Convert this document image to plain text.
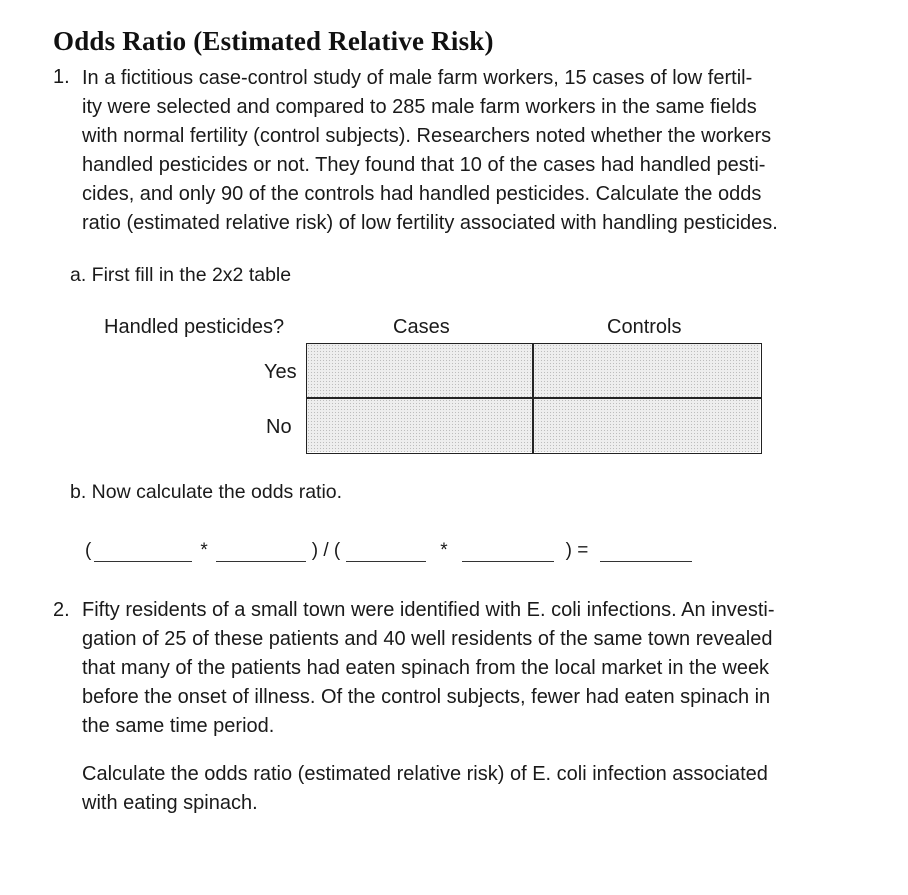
Odds Ratio (Estimated Relative Risk)
1. In a fictitious case-control study of male farm workers, 15 cases of low fertil-
ity were selected and compared to 285 male farm workers in the same fields
with normal fertility (control subjects). Researchers noted whether the workers
handled pesticides or not. They found that 10 of the cases had handled pesti-
cides, and only 90 of the controls had handled pesticides. Calculate the odds
ratio (estimated relative risk) of low fertility associated with handling pesticides.
a. First fill in the 2x2 table
Handled pesticides?	Cases	Controls
Yes
No
b. Now calculate the odds ratio.
(	*	) / (	*	) =
2. Fifty residents of a small town were identified with E. coli infections. An investi-
gation of 25 of these patients and 40 well residents of the same town revealed
that many of the patients had eaten spinach from the local market in the week
before the onset of illness. Of the control subjects, fewer had eaten spinach in
the same time period.
Calculate the odds ratio (estimated relative risk) of E. coli infection associated
with eating spinach.
